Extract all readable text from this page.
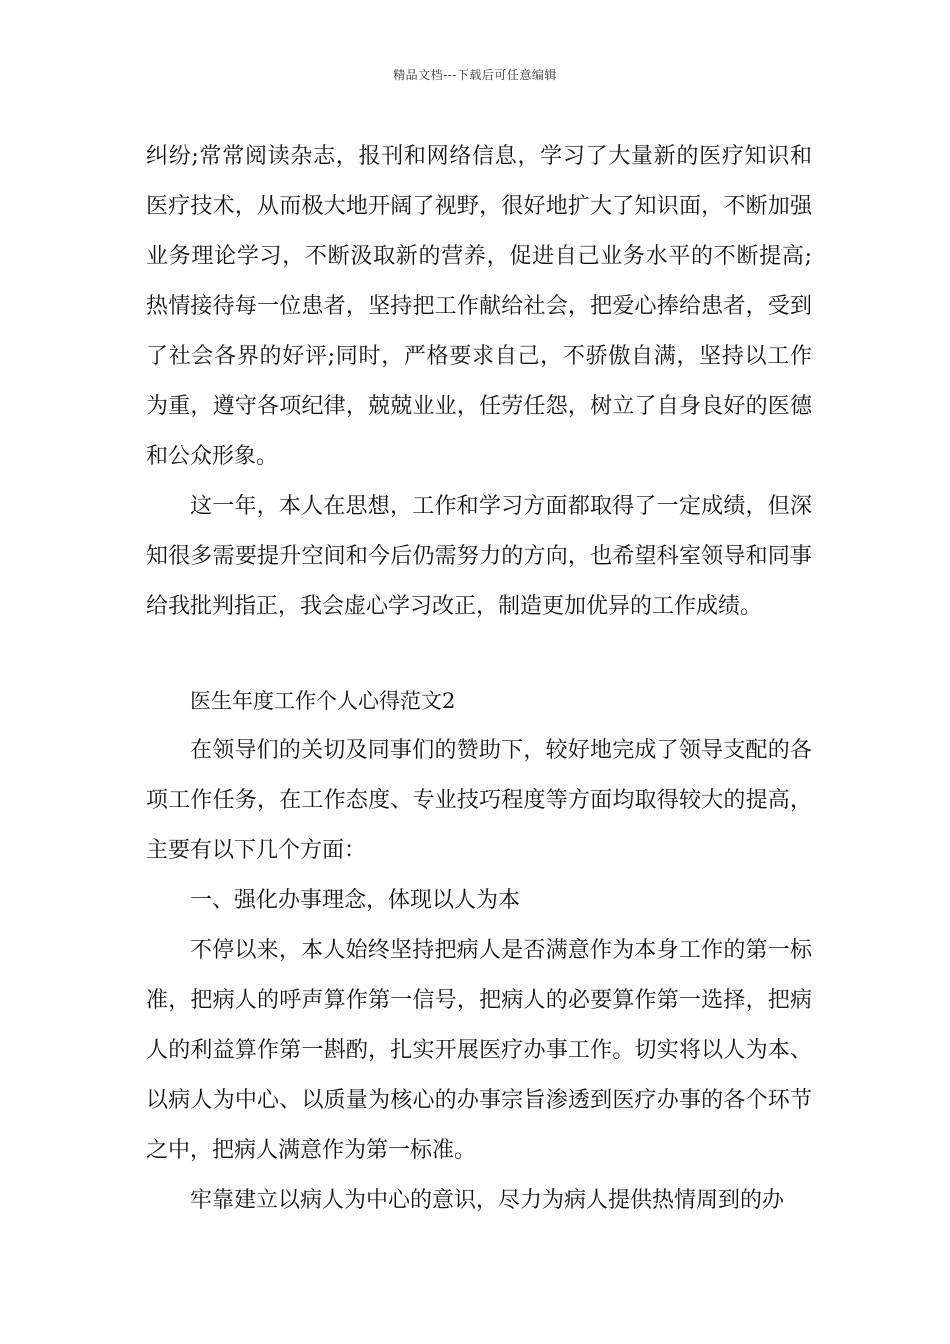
精品文档---下载后可任意编辑

纠纷;常常阅读杂志，报刊和网络信息，学习了大量新的医疗知识和医疗技术，从而极大地开阔了视野，很好地扩大了知识面，不断加强业务理论学习，不断汲取新的营养，促进自己业务水平的不断提高;热情接待每一位患者，坚持把工作献给社会，把爱心捧给患者，受到了社会各界的好评;同时，严格要求自己，不骄傲自满，坚持以工作为重，遵守各项纪律，兢兢业业，任劳任怨，树立了自身良好的医德和公众形象。

这一年，本人在思想，工作和学习方面都取得了一定成绩，但深知很多需要提升空间和今后仍需努力的方向，也希望科室领导和同事给我批判指正，我会虚心学习改正，制造更加优异的工作成绩。

医生年度工作个人心得范文2

在领导们的关切及同事们的赞助下，较好地完成了领导支配的各项工作任务，在工作态度、专业技巧程度等方面均取得较大的提高，主要有以下几个方面：

一、强化办事理念，体现以人为本

不停以来，本人始终坚持把病人是否满意作为本身工作的第一标准，把病人的呼声算作第一信号，把病人的必要算作第一选择，把病人的利益算作第一斟酌，扎实开展医疗办事工作。切实将以人为本、以病人为中心、以质量为核心的办事宗旨渗透到医疗办事的各个环节之中，把病人满意作为第一标准。

牢靠建立以病人为中心的意识，尽力为病人提供热情周到的办
